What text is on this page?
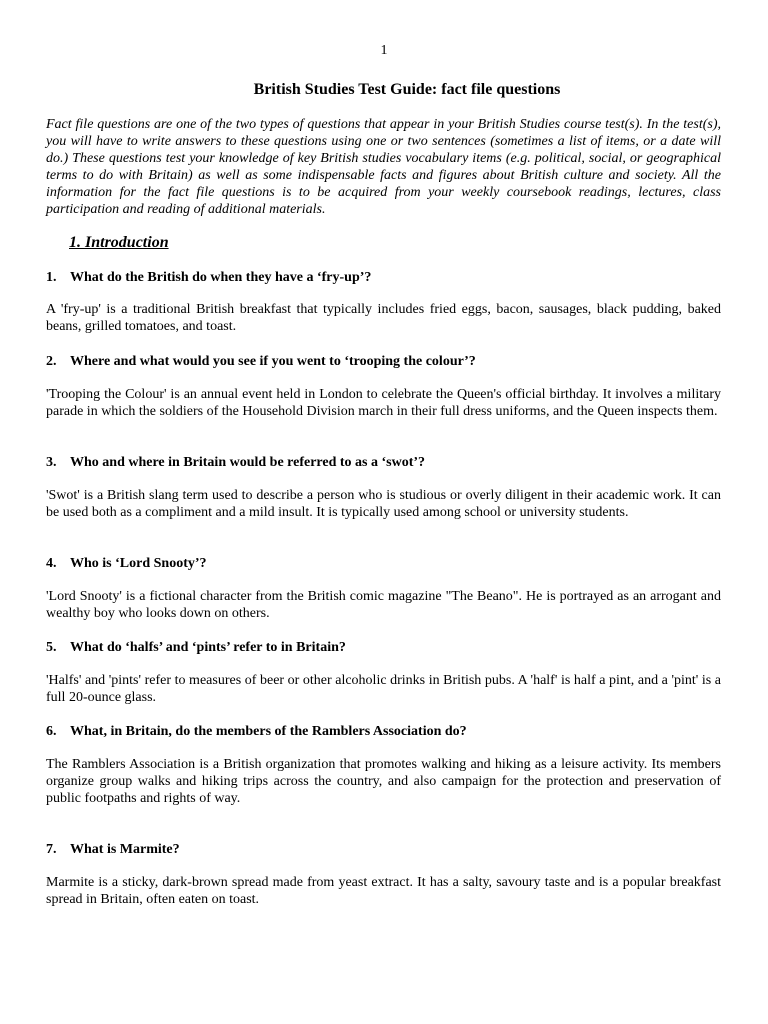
1
British Studies Test Guide: fact file questions

Fact file questions are one of the two types of questions that appear in your British Studies course test(s). In the test(s), you will have to write answers to these questions using one or two sentences (sometimes a list of items, or a date will do.) These questions test your knowledge of key British studies vocabulary items (e.g. political, social, or geographical terms to do with Britain) as well as some indispensable facts and figures about British culture and society. All the information for the fact file questions is to be acquired from your weekly coursebook readings, lectures, class participation and reading of additional materials.

1. Introduction

1. What do the British do when they have a ‘fry-up’?

A 'fry-up' is a traditional British breakfast that typically includes fried eggs, bacon, sausages, black pudding, baked beans, grilled tomatoes, and toast.

2. Where and what would you see if you went to ‘trooping the colour’?

'Trooping the Colour' is an annual event held in London to celebrate the Queen's official birthday. It involves a military parade in which the soldiers of the Household Division march in their full dress uniforms, and the Queen inspects them.

3. Who and where in Britain would be referred to as a ‘swot’?

'Swot' is a British slang term used to describe a person who is studious or overly diligent in their academic work. It can be used both as a compliment and a mild insult. It is typically used among school or university students.

4. Who is ‘Lord Snooty’?

'Lord Snooty' is a fictional character from the British comic magazine "The Beano". He is portrayed as an arrogant and wealthy boy who looks down on others.

5. What do ‘halfs’ and ‘pints’ refer to in Britain?

'Halfs' and 'pints' refer to measures of beer or other alcoholic drinks in British pubs. A 'half' is half a pint, and a 'pint' is a full 20-ounce glass.

6. What, in Britain, do the members of the Ramblers Association do?

The Ramblers Association is a British organization that promotes walking and hiking as a leisure activity. Its members organize group walks and hiking trips across the country, and also campaign for the protection and preservation of public footpaths and rights of way.

7. What is Marmite?

Marmite is a sticky, dark-brown spread made from yeast extract. It has a salty, savoury taste and is a popular breakfast spread in Britain, often eaten on toast.
